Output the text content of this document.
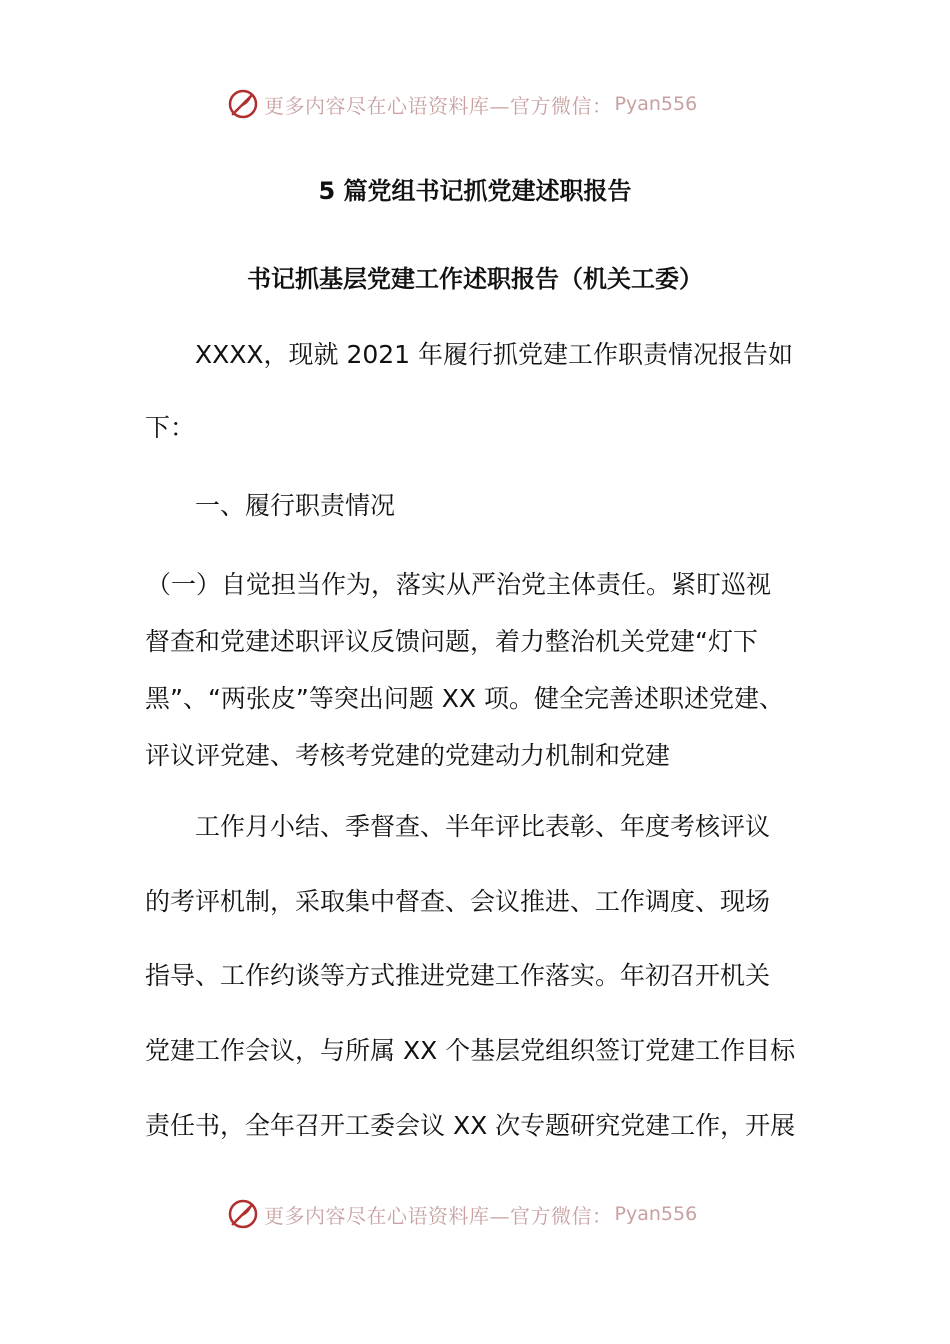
更多内容尽在心语资料库—官方微信： Pyan556
5 篇党组书记抓党建述职报告
书记抓基层党建工作述职报告（机关工委）
XXXX，现就 2021 年履行抓党建工作职责情况报告如
下：
一、履行职责情况
（一）自觉担当作为，落实从严治党主体责任。紧盯巡视
督查和党建述职评议反馈问题，着力整治机关党建“灯下
黑”、“两张皮”等突出问题 XX 项。健全完善述职述党建、
评议评党建、考核考党建的党建动力机制和党建
工作月小结、季督查、半年评比表彰、年度考核评议
的考评机制，采取集中督查、会议推进、工作调度、现场
指导、工作约谈等方式推进党建工作落实。年初召开机关
党建工作会议，与所属 XX 个基层党组织签订党建工作目标
责任书，全年召开工委会议 XX 次专题研究党建工作，开展
更多内容尽在心语资料库—官方微信： Pyan556
